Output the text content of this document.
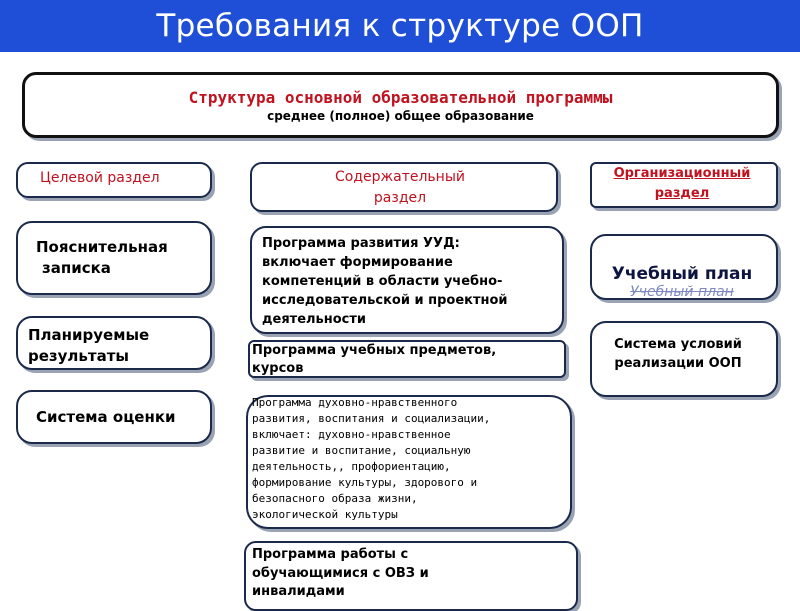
Требования к структуре ООП
Структура основной образовательной программы
среднее (полное) общее образование
Целевой раздел
Пояснительная
записка
Планируемые
результаты
Система оценки
Содержательный
раздел
Программа развития УУД:
включает формирование
компетенций в области учебно-
исследовательской и проектной
деятельности
Программа учебных предметов,
курсов
Программа духовно-нравственного
развития, воспитания и социализации,
включает: духовно-нравственное
развитие и воспитание, социальную
деятельность,, профориентацию,
формирование культуры, здорового и
безопасного образа жизни,
экологической культуры
Программа работы с
обучающимися с ОВЗ и
инвалидами
Организационный
раздел
Учебный план
Учебный план
Система условий
реализации ООП
